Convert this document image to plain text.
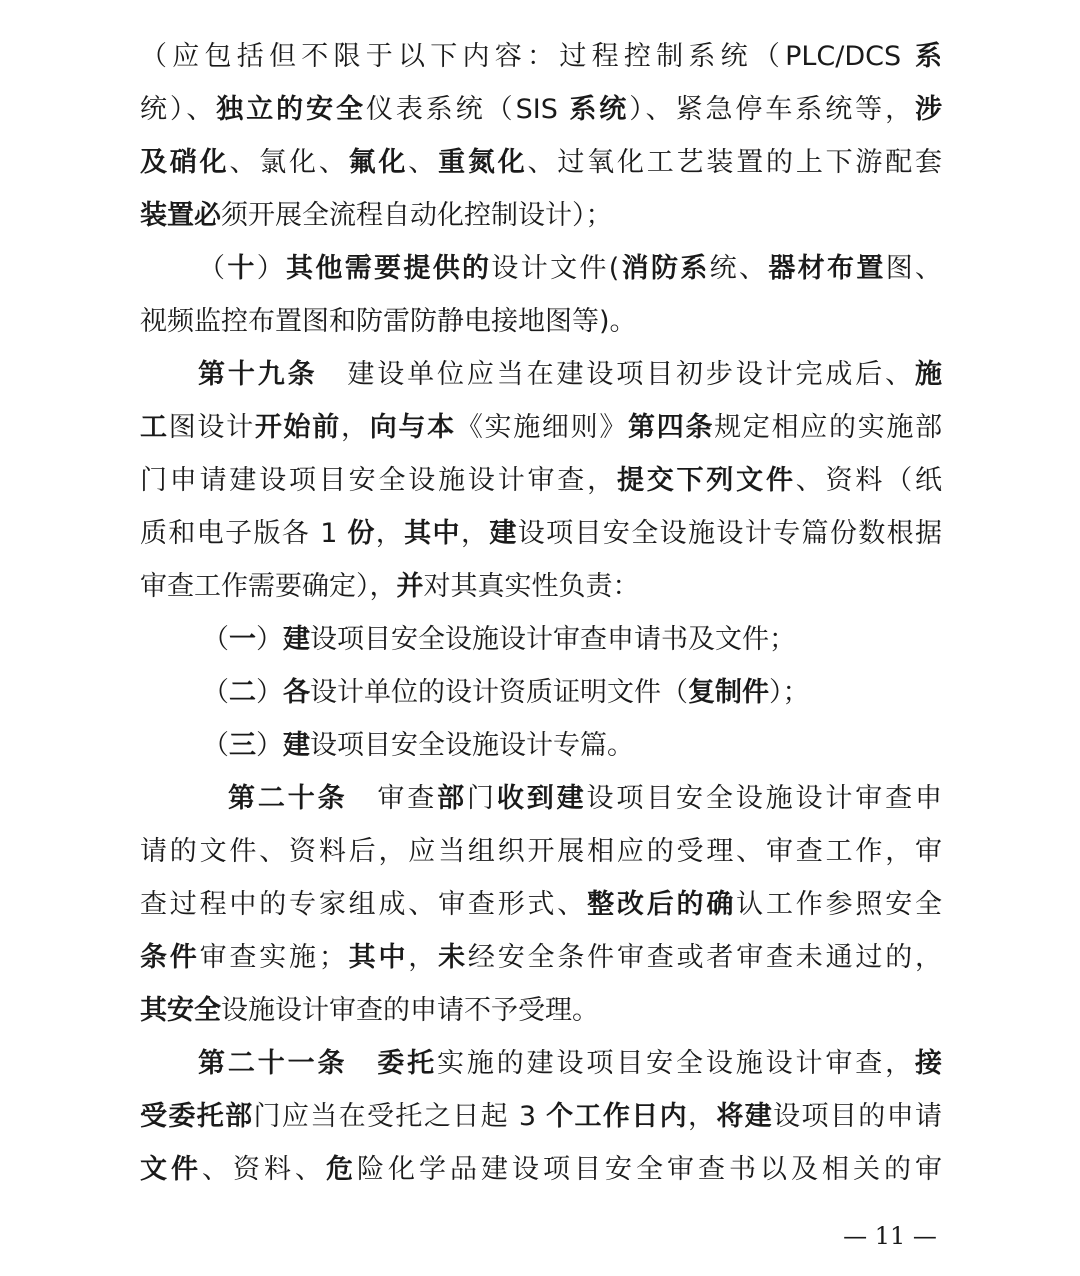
（应包括但不限于以下内容：过程控制系统（PLC/DCS 系
统）、独立的安全仪表系统（SIS 系统）、紧急停车系统等，涉
及硝化、氯化、氟化、重氮化、过氧化工艺装置的上下游配套
装置必须开展全流程自动化控制设计）；
（十）其他需要提供的设计文件(消防系统、器材布置图、
视频监控布置图和防雷防静电接地图等)。
第十九条　建设单位应当在建设项目初步设计完成后、施
工图设计开始前，向与本《实施细则》第四条规定相应的实施部
门申请建设项目安全设施设计审查，提交下列文件、资料（纸
质和电子版各 1 份，其中，建设项目安全设施设计专篇份数根据
审查工作需要确定），并对其真实性负责：
（一）建设项目安全设施设计审查申请书及文件；
（二）各设计单位的设计资质证明文件（复制件）；
（三）建设项目安全设施设计专篇。
第二十条　审查部门收到建设项目安全设施设计审查申
请的文件、资料后，应当组织开展相应的受理、审查工作，审
查过程中的专家组成、审查形式、整改后的确认工作参照安全
条件审查实施；其中，未经安全条件审查或者审查未通过的，
其安全设施设计审查的申请不予受理。
第二十一条　 委托实施的建设项目安全设施设计审查，接
受委托部门应当在受托之日起 3 个工作日内，将建设项目的申请
文件、资料、危险化学品建设项目安全审查书以及相关的审
— 11 —
